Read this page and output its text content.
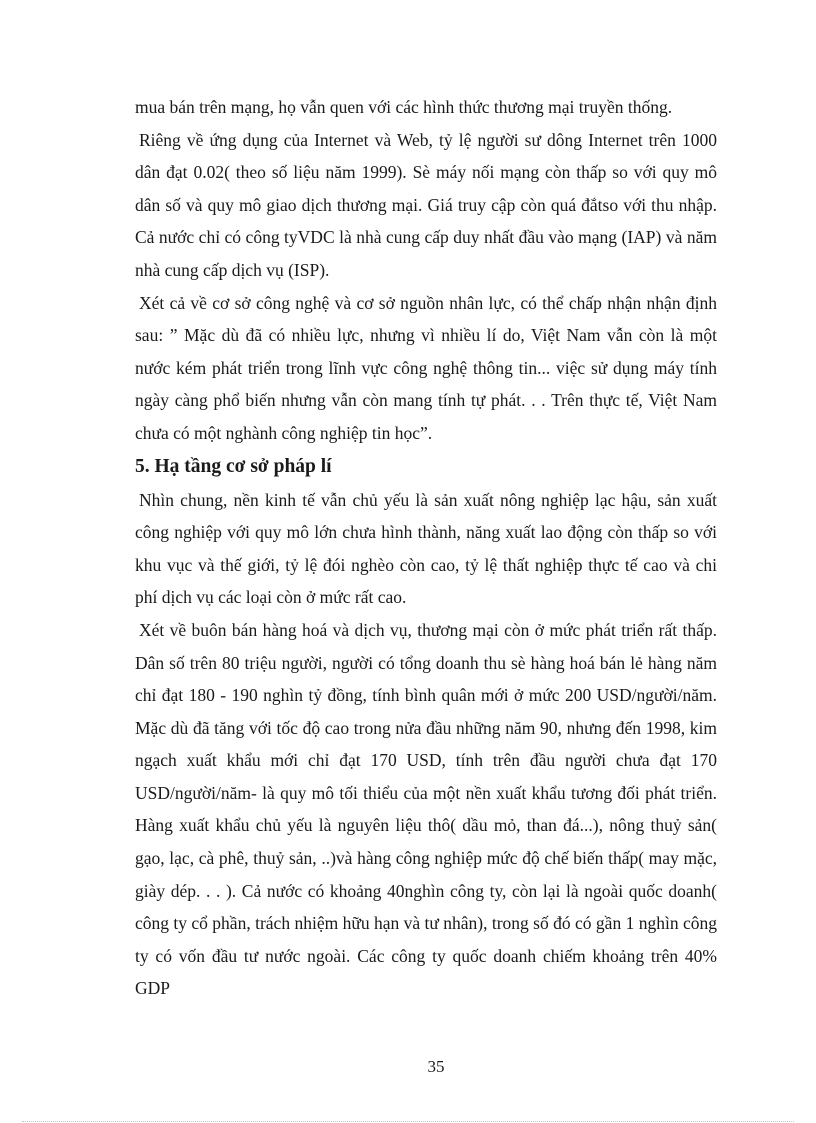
mua bán trên mạng, họ vẫn quen với các hình thức thương mại truyền thống.

Riêng về ứng dụng của Internet và Web, tỷ lệ người sư dông Internet trên 1000 dân đạt 0.02( theo số liệu năm 1999). Sè máy nối mạng còn thấp so với quy mô dân số và quy mô giao dịch thương mại. Giá truy cập còn quá đắtso với thu nhập. Cả nước chỉ có công tyVDC là nhà cung cấp duy nhất đầu vào mạng (IAP) và năm nhà cung cấp dịch vụ (ISP).

Xét cả về cơ sở công nghệ và cơ sở nguồn nhân lực, có thể chấp nhận nhận định sau: ” Mặc dù đã có nhiều lực, nhưng vì nhiều lí do, Việt Nam vẫn còn là một nước kém phát triển trong lĩnh vực công nghệ thông tin... việc sử dụng máy tính ngày càng phổ biến nhưng vẫn còn mang tính tự phát. . . Trên thực tế, Việt Nam chưa có một nghành công nghiệp tin học”.

5. Hạ tầng cơ sở pháp lí

Nhìn chung, nền kinh tế vẫn chủ yếu là sản xuất nông nghiệp lạc hậu, sản xuất công nghiệp với quy mô lớn chưa hình thành, năng xuất lao động còn thấp so với khu vục và thế giới, tỷ lệ đói nghèo còn cao, tỷ lệ thất nghiệp thực tế cao và chi phí dịch vụ các loại còn ở mức rất cao.

Xét về buôn bán hàng hoá và dịch vụ, thương mại còn ở mức phát triển rất thấp. Dân số trên 80 triệu người, người có tổng doanh thu sè hàng hoá bán lẻ hàng năm chỉ đạt 180 - 190 nghìn tỷ đồng, tính bình quân mới ở mức 200 USD/người/năm. Mặc dù đã tăng với tốc độ cao trong nửa đầu những năm 90, nhưng đến 1998, kim ngạch xuất khẩu mới chỉ đạt 170 USD, tính trên đầu người chưa đạt 170 USD/người/năm- là quy mô tối thiểu của một nền xuất khẩu tương đối phát triển. Hàng xuất khẩu chủ yếu là nguyên liệu thô( dầu mỏ, than đá...), nông thuỷ sản( gạo, lạc, cà phê, thuỷ sản, ..)và hàng công nghiệp mức độ chế biến thấp( may mặc, giày dép. . . ). Cả nước có khoảng 40nghìn công ty, còn lại là ngoài quốc doanh( công ty cổ phần, trách nhiệm hữu hạn và tư nhân), trong số đó có gần 1 nghìn công ty có vốn đầu tư nước ngoài. Các công ty quốc doanh chiếm khoảng trên 40% GDP

35
